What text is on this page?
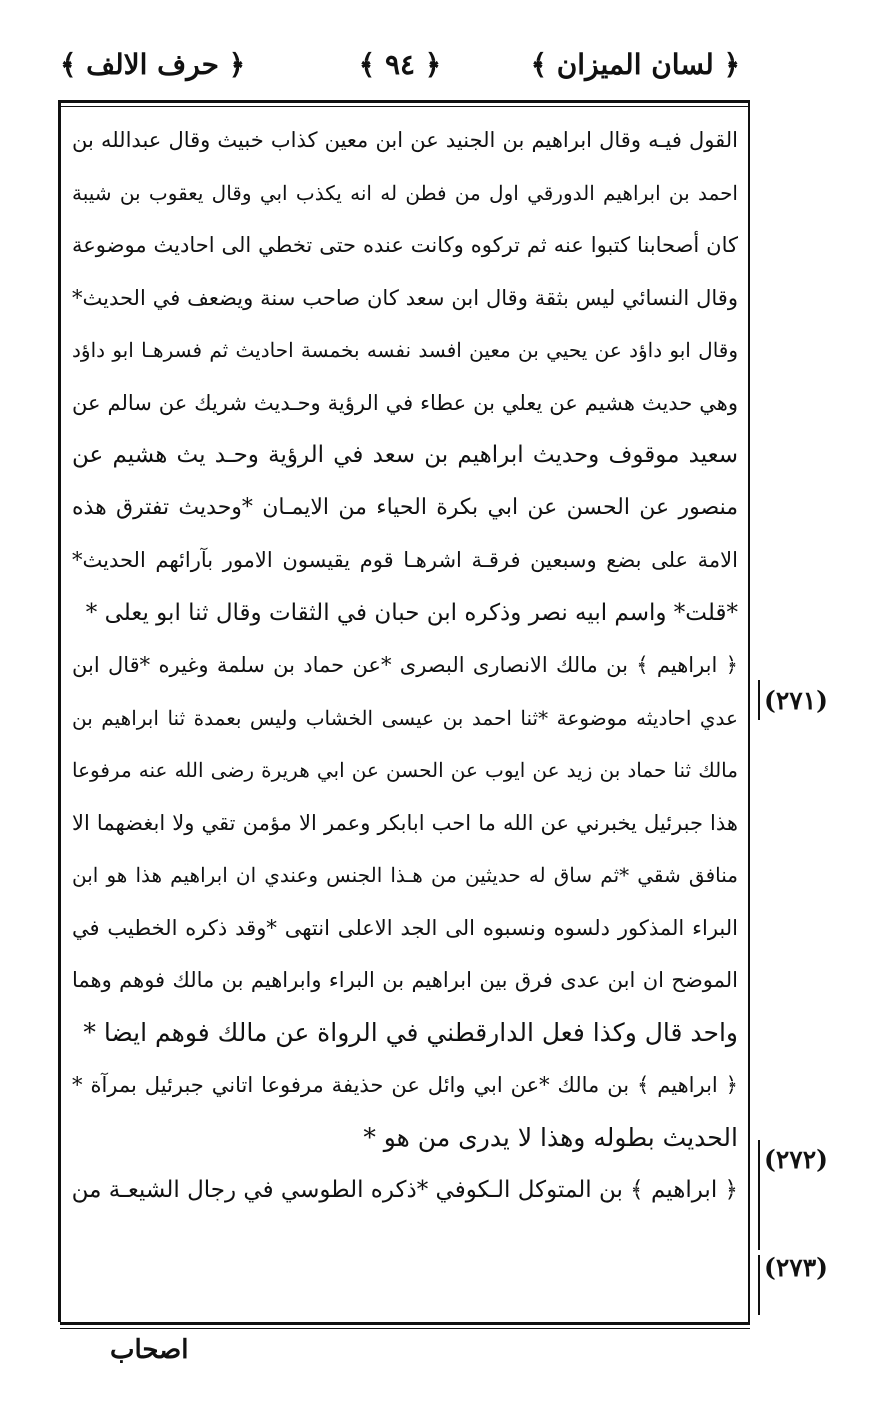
﴿ لسان الميزان ﴾
﴿ ٩٤ ﴾
﴿ حرف الالف ﴾
القول فيـه وقال ابراهيم بن الجنيد عن ابن معين كذاب خبيث وقال عبدالله بن
احمد بن ابراهيم الدورقي اول من فطن له انه يكذب ابي وقال يعقوب بن شيبة
كان أصحابنا كتبوا عنه ثم تركوه وكانت عنده حتى تخطي الى احاديث موضوعة
وقال النسائي ليس بثقة وقال ابن سعد كان صاحب سنة ويضعف في الحديث*
وقال ابو داؤد عن يحيي بن معين افسد نفسه بخمسة احاديث ثم فسرهـا ابو داؤد
وهي حديث هشيم عن يعلي بن عطاء في الرؤية وحـديث شريك عن سالم عن
سعيد موقوف وحديث ابراهيم بن سعد في الرؤية وحـد يث هشيم عن
منصور عن الحسن عن ابي بكرة الحياء من الايمـان *وحديث تفترق هذه
الامة على بضع وسبعين فرقـة اشرهـا قوم يقيسون الامور بآرائهم الحديث*
*قلت* واسم ابيه نصر وذكره ابن حبان في الثقات وقال ثنا ابو يعلى *
﴿ ابراهيم ﴾ بن مالك الانصارى البصرى *عن حماد بن سلمة وغيره *قال ابن
عدي احاديثه موضوعة *ثنا احمد بن عيسى الخشاب وليس بعمدة ثنا ابراهيم بن
مالك ثنا حماد بن زيد عن ايوب عن الحسن عن ابي هريرة رضى الله عنه مرفوعا
هذا جبرئيل يخبرني عن الله ما احب ابابكر وعمر الا مؤمن تقي ولا ابغضهما الا
منافق شقي *ثم ساق له حديثين من هـذا الجنس وعندي ان ابراهيم هذا هو ابن
البراء المذكور دلسوه ونسبوه الى الجد الاعلى انتهى *وقد ذكره الخطيب في
الموضح ان ابن عدى فرق بين ابراهيم بن البراء وابراهيم بن مالك فوهم وهما
واحد قال وكذا فعل الدارقطني في الرواة عن مالك فوهم ايضا *
﴿ ابراهيم ﴾ بن مالك *عن ابي وائل عن حذيفة مرفوعا اتاني جبرئيل بمرآة *
الحديث بطوله وهذا لا يدرى من هو *
﴿ ابراهيم ﴾ بن المتوكل الـكوفي *ذكره الطوسي في رجال الشيعـة من
(٢٧١)
(٢٧٢)
(٢٧٣)
اصحاب
